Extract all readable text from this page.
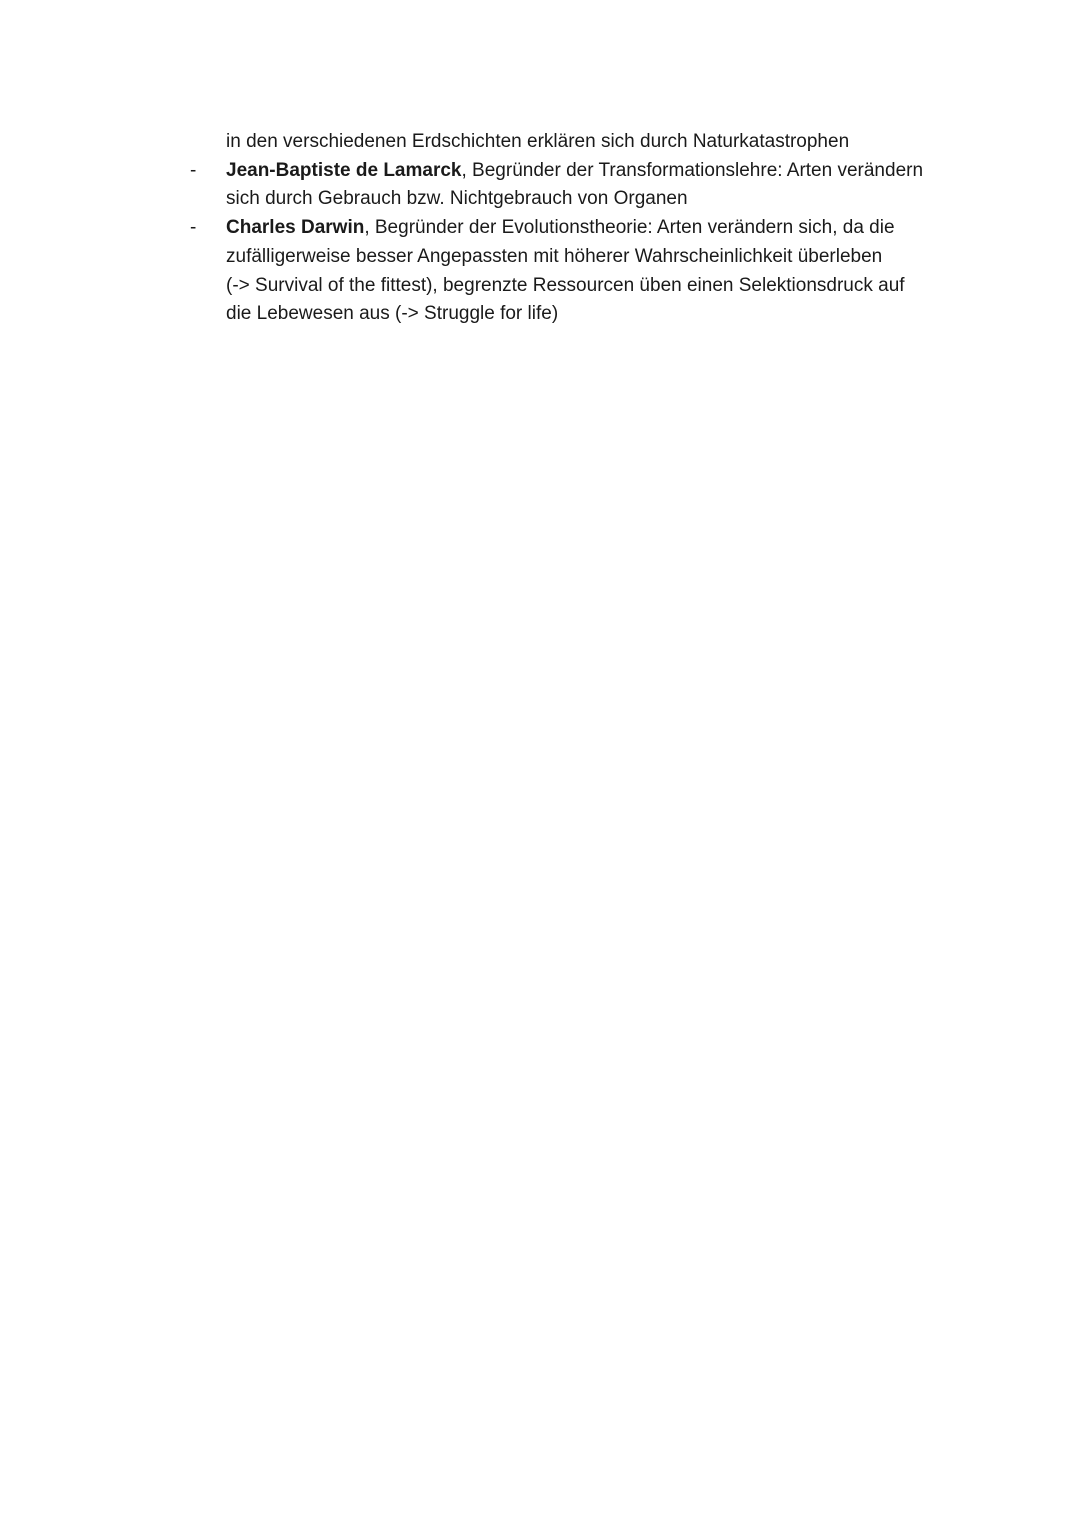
in den verschiedenen Erdschichten erklären sich durch Naturkatastrophen
-	Jean-Baptiste de Lamarck, Begründer der Transformationslehre: Arten verändern
sich durch Gebrauch bzw. Nichtgebrauch von Organen
-	Charles Darwin, Begründer der Evolutionstheorie: Arten verändern sich, da die
zufälligerweise besser Angepassten mit höherer Wahrscheinlichkeit überleben
(-> Survival of the fittest), begrenzte Ressourcen üben einen Selektionsdruck auf
die Lebewesen aus (-> Struggle for life)
